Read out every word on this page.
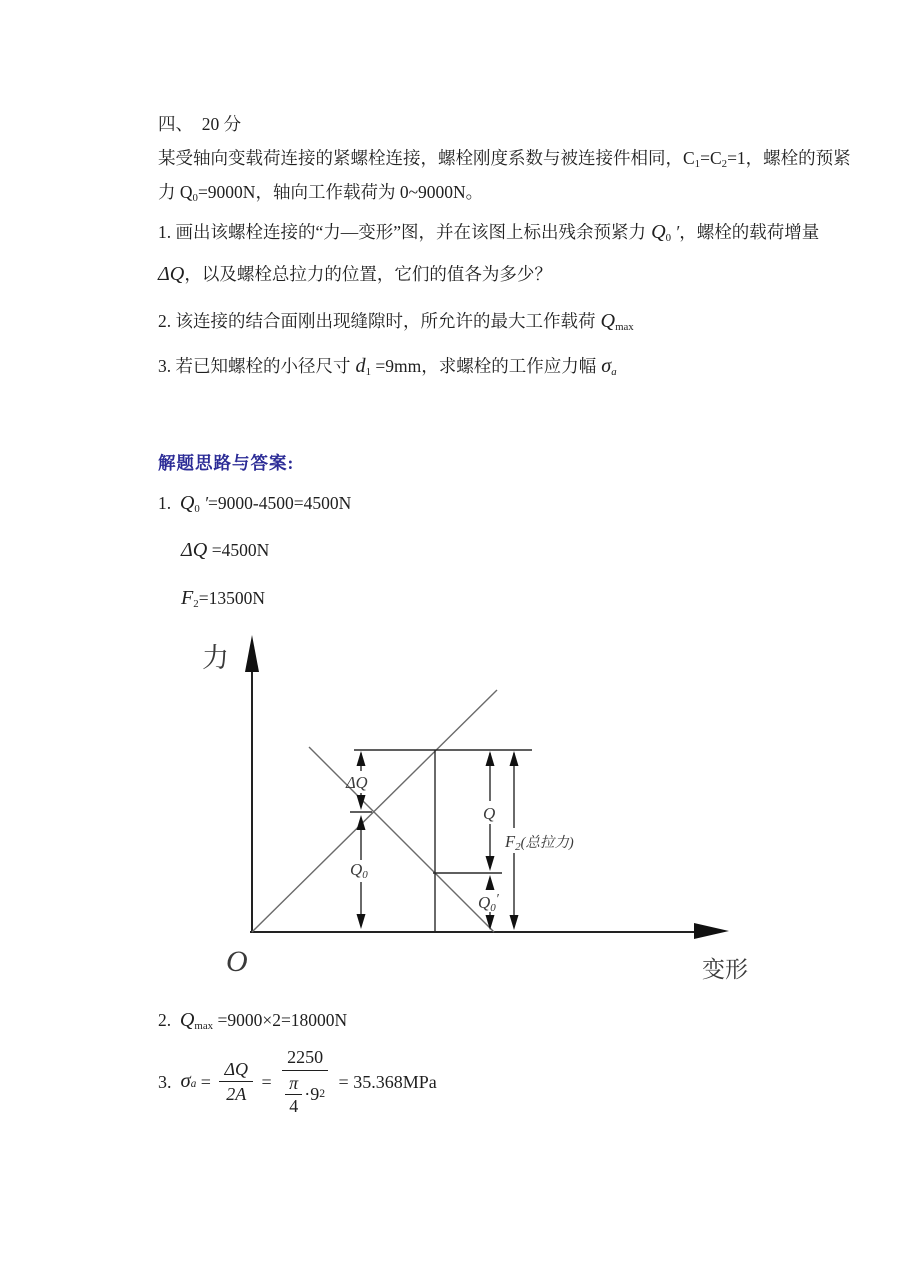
四、  20 分
某受轴向变载荷连接的紧螺栓连接，螺栓刚度系数与被连接件相同，C1=C2=1，螺栓的预紧
力 Q0=9000N，轴向工作载荷为 0~9000N。
1. 画出该螺栓连接的“力—变形”图，并在该图上标出残余预紧力 Q0 ′，螺栓的载荷增量
ΔQ，以及螺栓总拉力的位置，它们的值各为多少？
2. 该连接的结合面刚出现缝隙时，所允许的最大工作载荷 Qmax
3. 若已知螺栓的小径尺寸 d1 =9mm，求螺栓的工作应力幅 σa
解题思路与答案:
1.  Q0 ′=9000-4500=4500N
ΔQ =4500N
F2=13500N
力
O	变形
ΔQ
Q0
Q
F2(总拉力)
Q0′
2.  Qmax =9000×2=18000N
3. σ $a = \frac{\Delta Q}{2A} = \frac{2250}{\frac{\pi}{4} \cdot 9 2} = 35.368$ MPa
